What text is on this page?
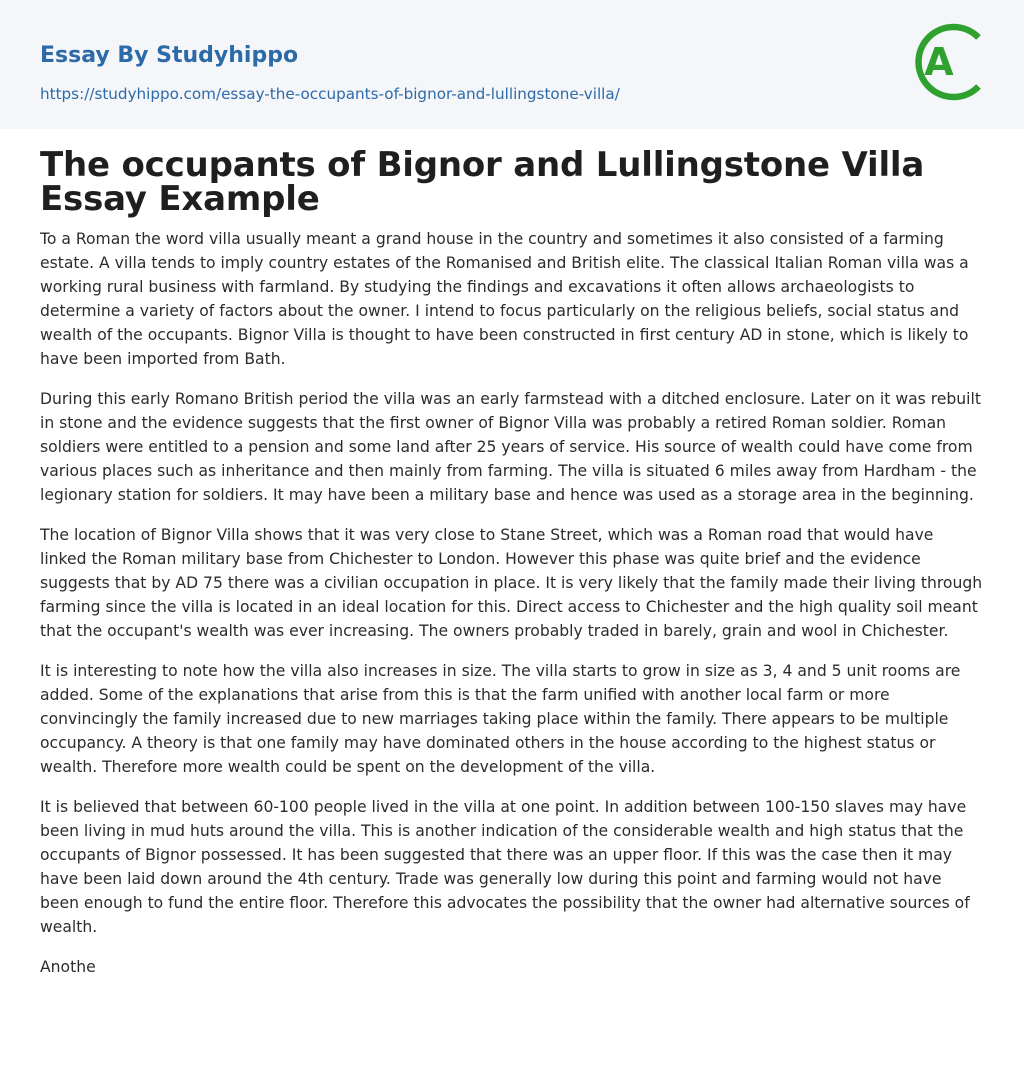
Essay By Studyhippo
https://studyhippo.com/essay-the-occupants-of-bignor-and-lullingstone-villa/
A
The occupants of Bignor and Lullingstone Villa Essay Example

To a Roman the word villa usually meant a grand house in the country and sometimes it also consisted of a farming estate. A villa tends to imply country estates of the Romanised and British elite. The classical Italian Roman villa was a working rural business with farmland. By studying the findings and excavations it often allows archaeologists to determine a variety of factors about the owner. I intend to focus particularly on the religious beliefs, social status and wealth of the occupants. Bignor Villa is thought to have been constructed in first century AD in stone, which is likely to have been imported from Bath.

During this early Romano British period the villa was an early farmstead with a ditched enclosure. Later on it was rebuilt in stone and the evidence suggests that the first owner of Bignor Villa was probably a retired Roman soldier. Roman soldiers were entitled to a pension and some land after 25 years of service. His source of wealth could have come from various places such as inheritance and then mainly from farming. The villa is situated 6 miles away from Hardham - the legionary station for soldiers. It may have been a military base and hence was used as a storage area in the beginning.

The location of Bignor Villa shows that it was very close to Stane Street, which was a Roman road that would have linked the Roman military base from Chichester to London. However this phase was quite brief and the evidence suggests that by AD 75 there was a civilian occupation in place. It is very likely that the family made their living through farming since the villa is located in an ideal location for this. Direct access to Chichester and the high quality soil meant that the occupant's wealth was ever increasing. The owners probably traded in barely, grain and wool in Chichester.

It is interesting to note how the villa also increases in size. The villa starts to grow in size as 3, 4 and 5 unit rooms are added. Some of the explanations that arise from this is that the farm unified with another local farm or more convincingly the family increased due to new marriages taking place within the family. There appears to be multiple occupancy. A theory is that one family may have dominated others in the house according to the highest status or wealth. Therefore more wealth could be spent on the development of the villa.

It is believed that between 60-100 people lived in the villa at one point. In addition between 100-150 slaves may have been living in mud huts around the villa. This is another indication of the considerable wealth and high status that the occupants of Bignor possessed. It has been suggested that there was an upper floor. If this was the case then it may have been laid down around the 4th century. Trade was generally low during this point and farming would not have been enough to fund the entire floor. Therefore this advocates the possibility that the owner had alternative sources of wealth.

Anothe
